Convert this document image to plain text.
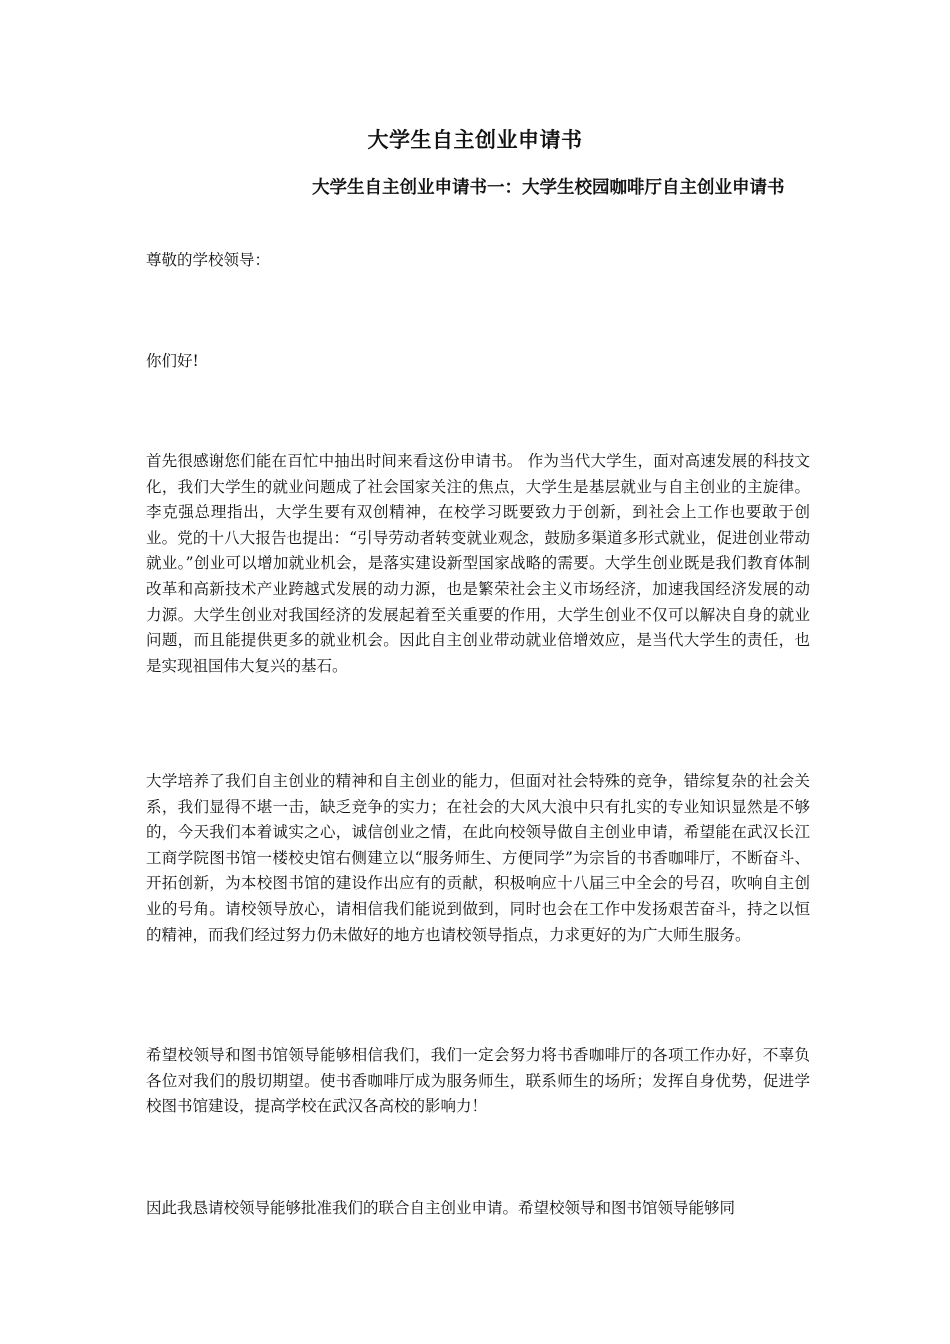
大学生自主创业申请书
大学生自主创业申请书一：大学生校园咖啡厅自主创业申请书

尊敬的学校领导：

你们好!

首先很感谢您们能在百忙中抽出时间来看这份申请书。 作为当代大学生，面对高速发展的科技文化，我们大学生的就业问题成了社会国家关注的焦点，大学生是基层就业与自主创业的主旋律。李克强总理指出，大学生要有双创精神，在校学习既要致力于创新，到社会上工作也要敢于创业。党的十八大报告也提出：“引导劳动者转变就业观念，鼓励多渠道多形式就业，促进创业带动就业。”创业可以增加就业机会，是落实建设新型国家战略的需要。大学生创业既是我们教育体制改革和高新技术产业跨越式发展的动力源，也是繁荣社会主义市场经济，加速我国经济发展的动力源。大学生创业对我国经济的发展起着至关重要的作用，大学生创业不仅可以解决自身的就业问题，而且能提供更多的就业机会。因此自主创业带动就业倍增效应，是当代大学生的责任，也是实现祖国伟大复兴的基石。

大学培养了我们自主创业的精神和自主创业的能力，但面对社会特殊的竞争，错综复杂的社会关系，我们显得不堪一击，缺乏竞争的实力；在社会的大风大浪中只有扎实的专业知识显然是不够的，今天我们本着诚实之心，诚信创业之情，在此向校领导做自主创业申请，希望能在武汉长江工商学院图书馆一楼校史馆右侧建立以“服务师生、方便同学”为宗旨的书香咖啡厅，不断奋斗、开拓创新，为本校图书馆的建设作出应有的贡献，积极响应十八届三中全会的号召，吹响自主创业的号角。请校领导放心，请相信我们能说到做到，同时也会在工作中发扬艰苦奋斗，持之以恒的精神，而我们经过努力仍未做好的地方也请校领导指点，力求更好的为广大师生服务。

希望校领导和图书馆领导能够相信我们，我们一定会努力将书香咖啡厅的各项工作办好，不辜负各位对我们的殷切期望。使书香咖啡厅成为服务师生，联系师生的场所；发挥自身优势，促进学校图书馆建设，提高学校在武汉各高校的影响力！

因此我恳请校领导能够批准我们的联合自主创业申请。希望校领导和图书馆领导能够同
